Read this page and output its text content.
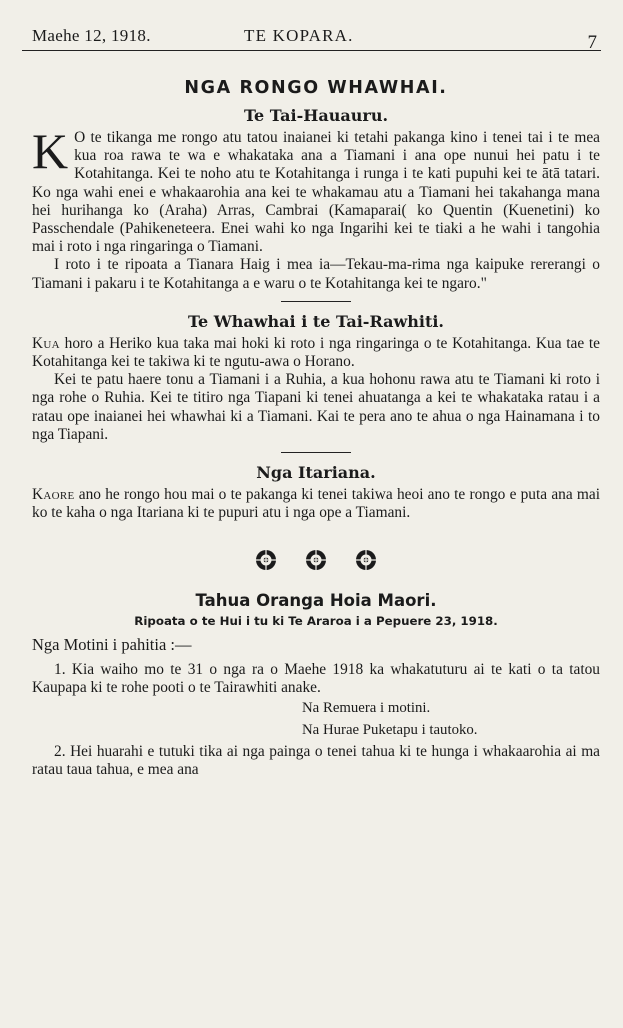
Maehe 12, 1918.	TE KOPARA.	7
NGA RONGO WHAWHAI.
Te Tai-Hauauru.

K O te tikanga me rongo atu tatou inaianei ki tetahi pakanga kino i tenei tai i te mea kua roa rawa te wa e whakataka ana a Tiamani i ana ope nunui hei patu i te Kotahitanga. Kei te noho atu te Kotahitanga i runga i te kati pupuhi kei te ātā tatari. Ko nga wahi enei e whakaarohia ana kei te whakamau atu a Tiamani hei takahanga mana hei hurihanga ko (Araha) Arras, Cambrai (Kamaparai( ko Quentin (Kuenetini) ko Passchendale (Pahikeneteera. Enei wahi ko nga Ingarihi kei te tiaki a he wahi i tangohia mai i roto i nga ringaringa o Tiamani.

I roto i te ripoata a Tianara Haig i mea ia—Tekau-ma-rima nga kaipuke rererangi o Tiamani i pakaru i te Kotahitanga a e waru o te Kotahitanga kei te ngaro."

Te Whawhai i te Tai-Rawhiti.

Kua horo a Heriko kua taka mai hoki ki roto i nga ringaringa o te Kotahitanga. Kua tae te Kotahitanga kei te takiwa ki te ngutu-awa o Horano.

Kei te patu haere tonu a Tiamani i a Ruhia, a kua hohonu rawa atu te Tiamani ki roto i nga rohe o Ruhia. Kei te titiro nga Tiapani ki tenei ahuatanga a kei te whakataka ratau i a ratau ope inaianei hei whawhai ki a Tiamani. Kai te pera ano te ahua o nga Hainamana i to nga Tiapani.

Nga Itariana.

Kaore ano he rongo hou mai o te pakanga ki tenei takiwa heoi ano te rongo e puta ana mai ko te kaha o nga Itariana ki te pupuri atu i nga ope a Tiamani.

Tahua Oranga Hoia Maori.
Ripoata o te Hui i tu ki Te Araroa i a Pepuere 23, 1918.

Nga Motini i pahitia :—

1. Kia waiho mo te 31 o nga ra o Maehe 1918 ka whakatuturu ai te kati o ta tatou Kaupapa ki te rohe pooti o te Tairawhiti anake.

Na Remuera i motini.
Na Hurae Puketapu i tautoko.

2. Hei huarahi e tutuki tika ai nga painga o tenei tahua ki te hunga i whakaarohia ai ma ratau taua tahua, e mea ana
